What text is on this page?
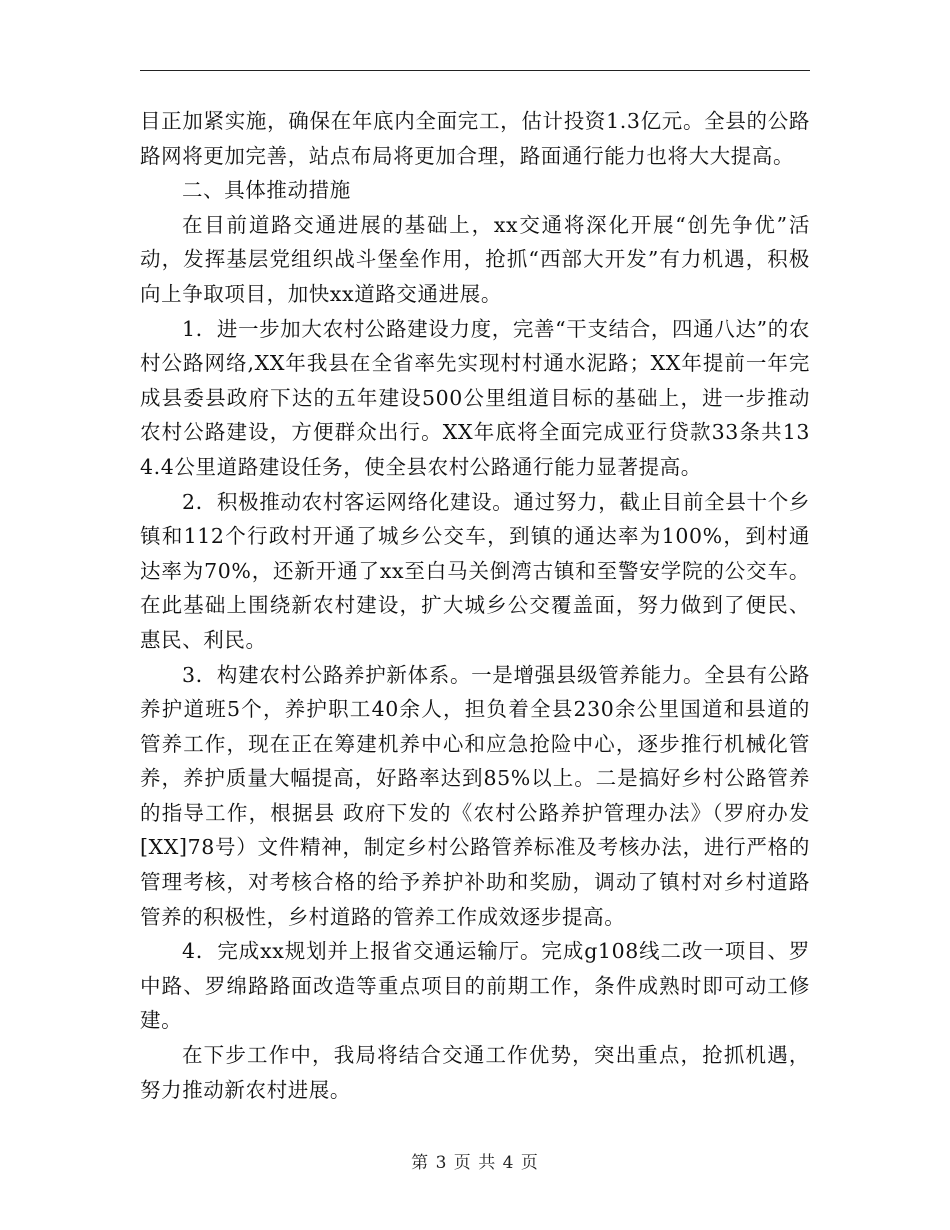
目正加紧实施，确保在年底内全面完工，估计投资1.3亿元。全县的公路路网将更加完善，站点布局将更加合理，路面通行能力也将大大提高。

二、具体推动措施

在目前道路交通进展的基础上，xx交通将深化开展“创先争优”活动，发挥基层党组织战斗堡垒作用，抢抓“西部大开发”有力机遇，积极向上争取项目，加快xx道路交通进展。

1．进一步加大农村公路建设力度，完善“干支结合，四通八达”的农村公路网络,XX年我县在全省率先实现村村通水泥路；XX年提前一年完成县委县政府下达的五年建设500公里组道目标的基础上，进一步推动农村公路建设，方便群众出行。XX年底将全面完成亚行贷款33条共134.4公里道路建设任务，使全县农村公路通行能力显著提高。

2．积极推动农村客运网络化建设。通过努力，截止目前全县十个乡镇和112个行政村开通了城乡公交车，到镇的通达率为100%，到村通达率为70%，还新开通了xx至白马关倒湾古镇和至警安学院的公交车。在此基础上围绕新农村建设，扩大城乡公交覆盖面，努力做到了便民、惠民、利民。

3．构建农村公路养护新体系。一是增强县级管养能力。全县有公路养护道班5个，养护职工40余人，担负着全县230余公里国道和县道的管养工作，现在正在筹建机养中心和应急抢险中心，逐步推行机械化管养，养护质量大幅提高，好路率达到85%以上。二是搞好乡村公路管养的指导工作，根据县 政府下发的《农村公路养护管理办法》（罗府办发[XX]78号）文件精神，制定乡村公路管养标准及考核办法，进行严格的管理考核，对考核合格的给予养护补助和奖励，调动了镇村对乡村道路管养的积极性，乡村道路的管养工作成效逐步提高。

4．完成xx规划并上报省交通运输厅。完成g108线二改一项目、罗中路、罗绵路路面改造等重点项目的前期工作，条件成熟时即可动工修建。

在下步工作中，我局将结合交通工作优势，突出重点，抢抓机遇，努力推动新农村进展。

第 3 页 共 4 页
